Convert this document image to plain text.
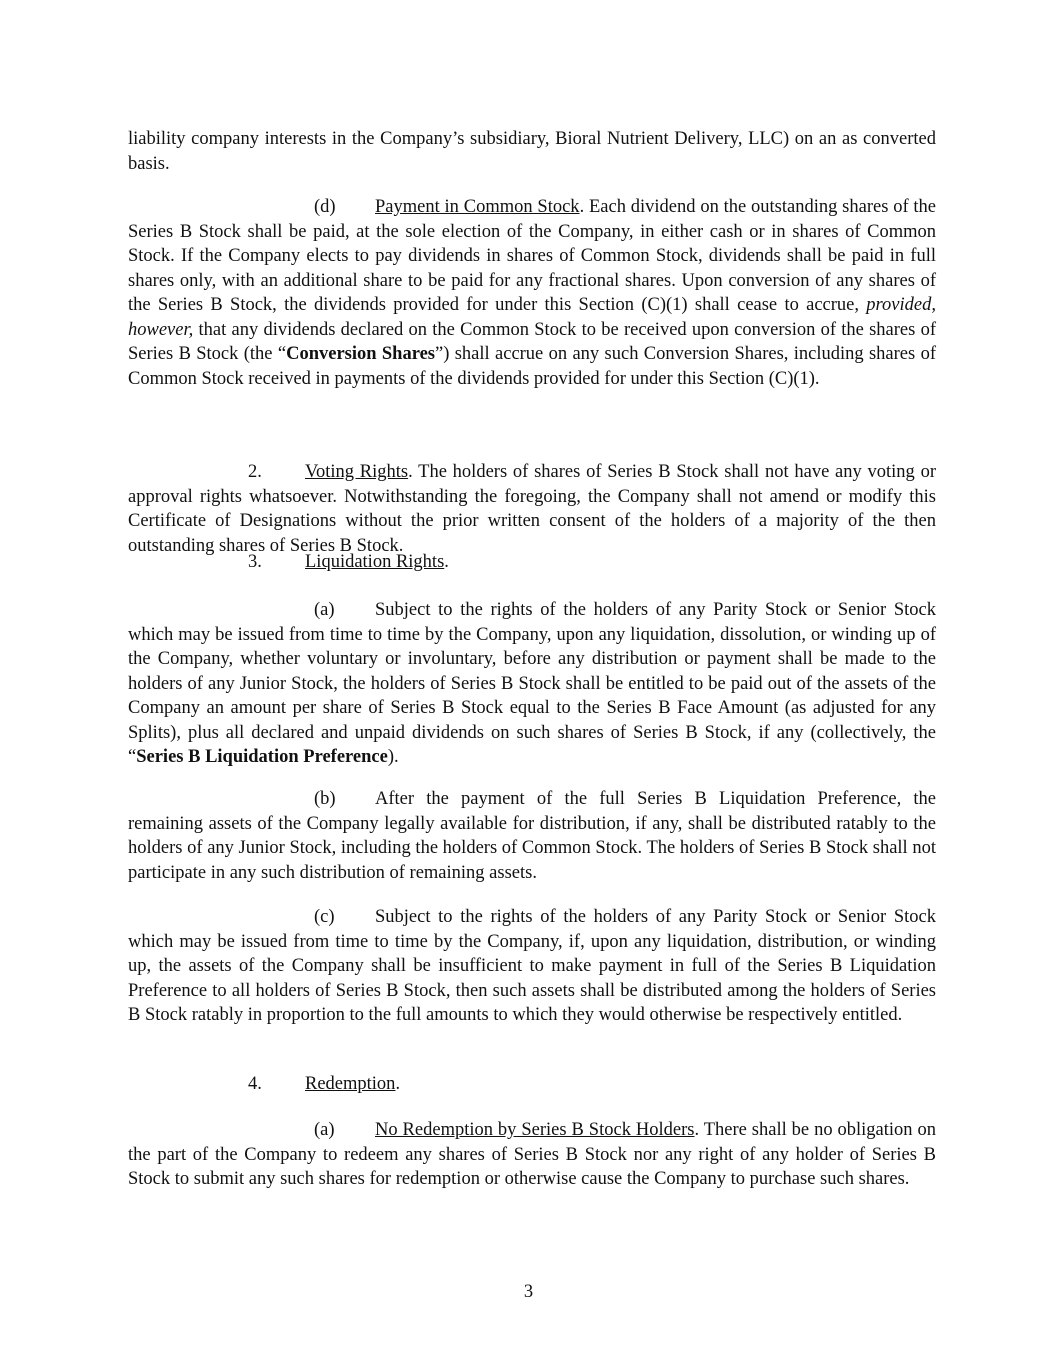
liability company interests in the Company’s subsidiary, Bioral Nutrient Delivery, LLC) on an as converted basis.

(d) Payment in Common Stock. Each dividend on the outstanding shares of the Series B Stock shall be paid, at the sole election of the Company, in either cash or in shares of Common Stock. If the Company elects to pay dividends in shares of Common Stock, dividends shall be paid in full shares only, with an additional share to be paid for any fractional shares. Upon conversion of any shares of the Series B Stock, the dividends provided for under this Section (C)(1) shall cease to accrue, provided, however, that any dividends declared on the Common Stock to be received upon conversion of the shares of Series B Stock (the “Conversion Shares”) shall accrue on any such Conversion Shares, including shares of Common Stock received in payments of the dividends provided for under this Section (C)(1).

2. Voting Rights. The holders of shares of Series B Stock shall not have any voting or approval rights whatsoever. Notwithstanding the foregoing, the Company shall not amend or modify this Certificate of Designations without the prior written consent of the holders of a majority of the then outstanding shares of Series B Stock.

3. Liquidation Rights.

(a) Subject to the rights of the holders of any Parity Stock or Senior Stock which may be issued from time to time by the Company, upon any liquidation, dissolution, or winding up of the Company, whether voluntary or involuntary, before any distribution or payment shall be made to the holders of any Junior Stock, the holders of Series B Stock shall be entitled to be paid out of the assets of the Company an amount per share of Series B Stock equal to the Series B Face Amount (as adjusted for any Splits), plus all declared and unpaid dividends on such shares of Series B Stock, if any (collectively, the “Series B Liquidation Preference).

(b) After the payment of the full Series B Liquidation Preference, the remaining assets of the Company legally available for distribution, if any, shall be distributed ratably to the holders of any Junior Stock, including the holders of Common Stock. The holders of Series B Stock shall not participate in any such distribution of remaining assets.

(c) Subject to the rights of the holders of any Parity Stock or Senior Stock which may be issued from time to time by the Company, if, upon any liquidation, distribution, or winding up, the assets of the Company shall be insufficient to make payment in full of the Series B Liquidation Preference to all holders of Series B Stock, then such assets shall be distributed among the holders of Series B Stock ratably in proportion to the full amounts to which they would otherwise be respectively entitled.

4. Redemption.

(a) No Redemption by Series B Stock Holders. There shall be no obligation on the part of the Company to redeem any shares of Series B Stock nor any right of any holder of Series B Stock to submit any such shares for redemption or otherwise cause the Company to purchase such shares.

3
